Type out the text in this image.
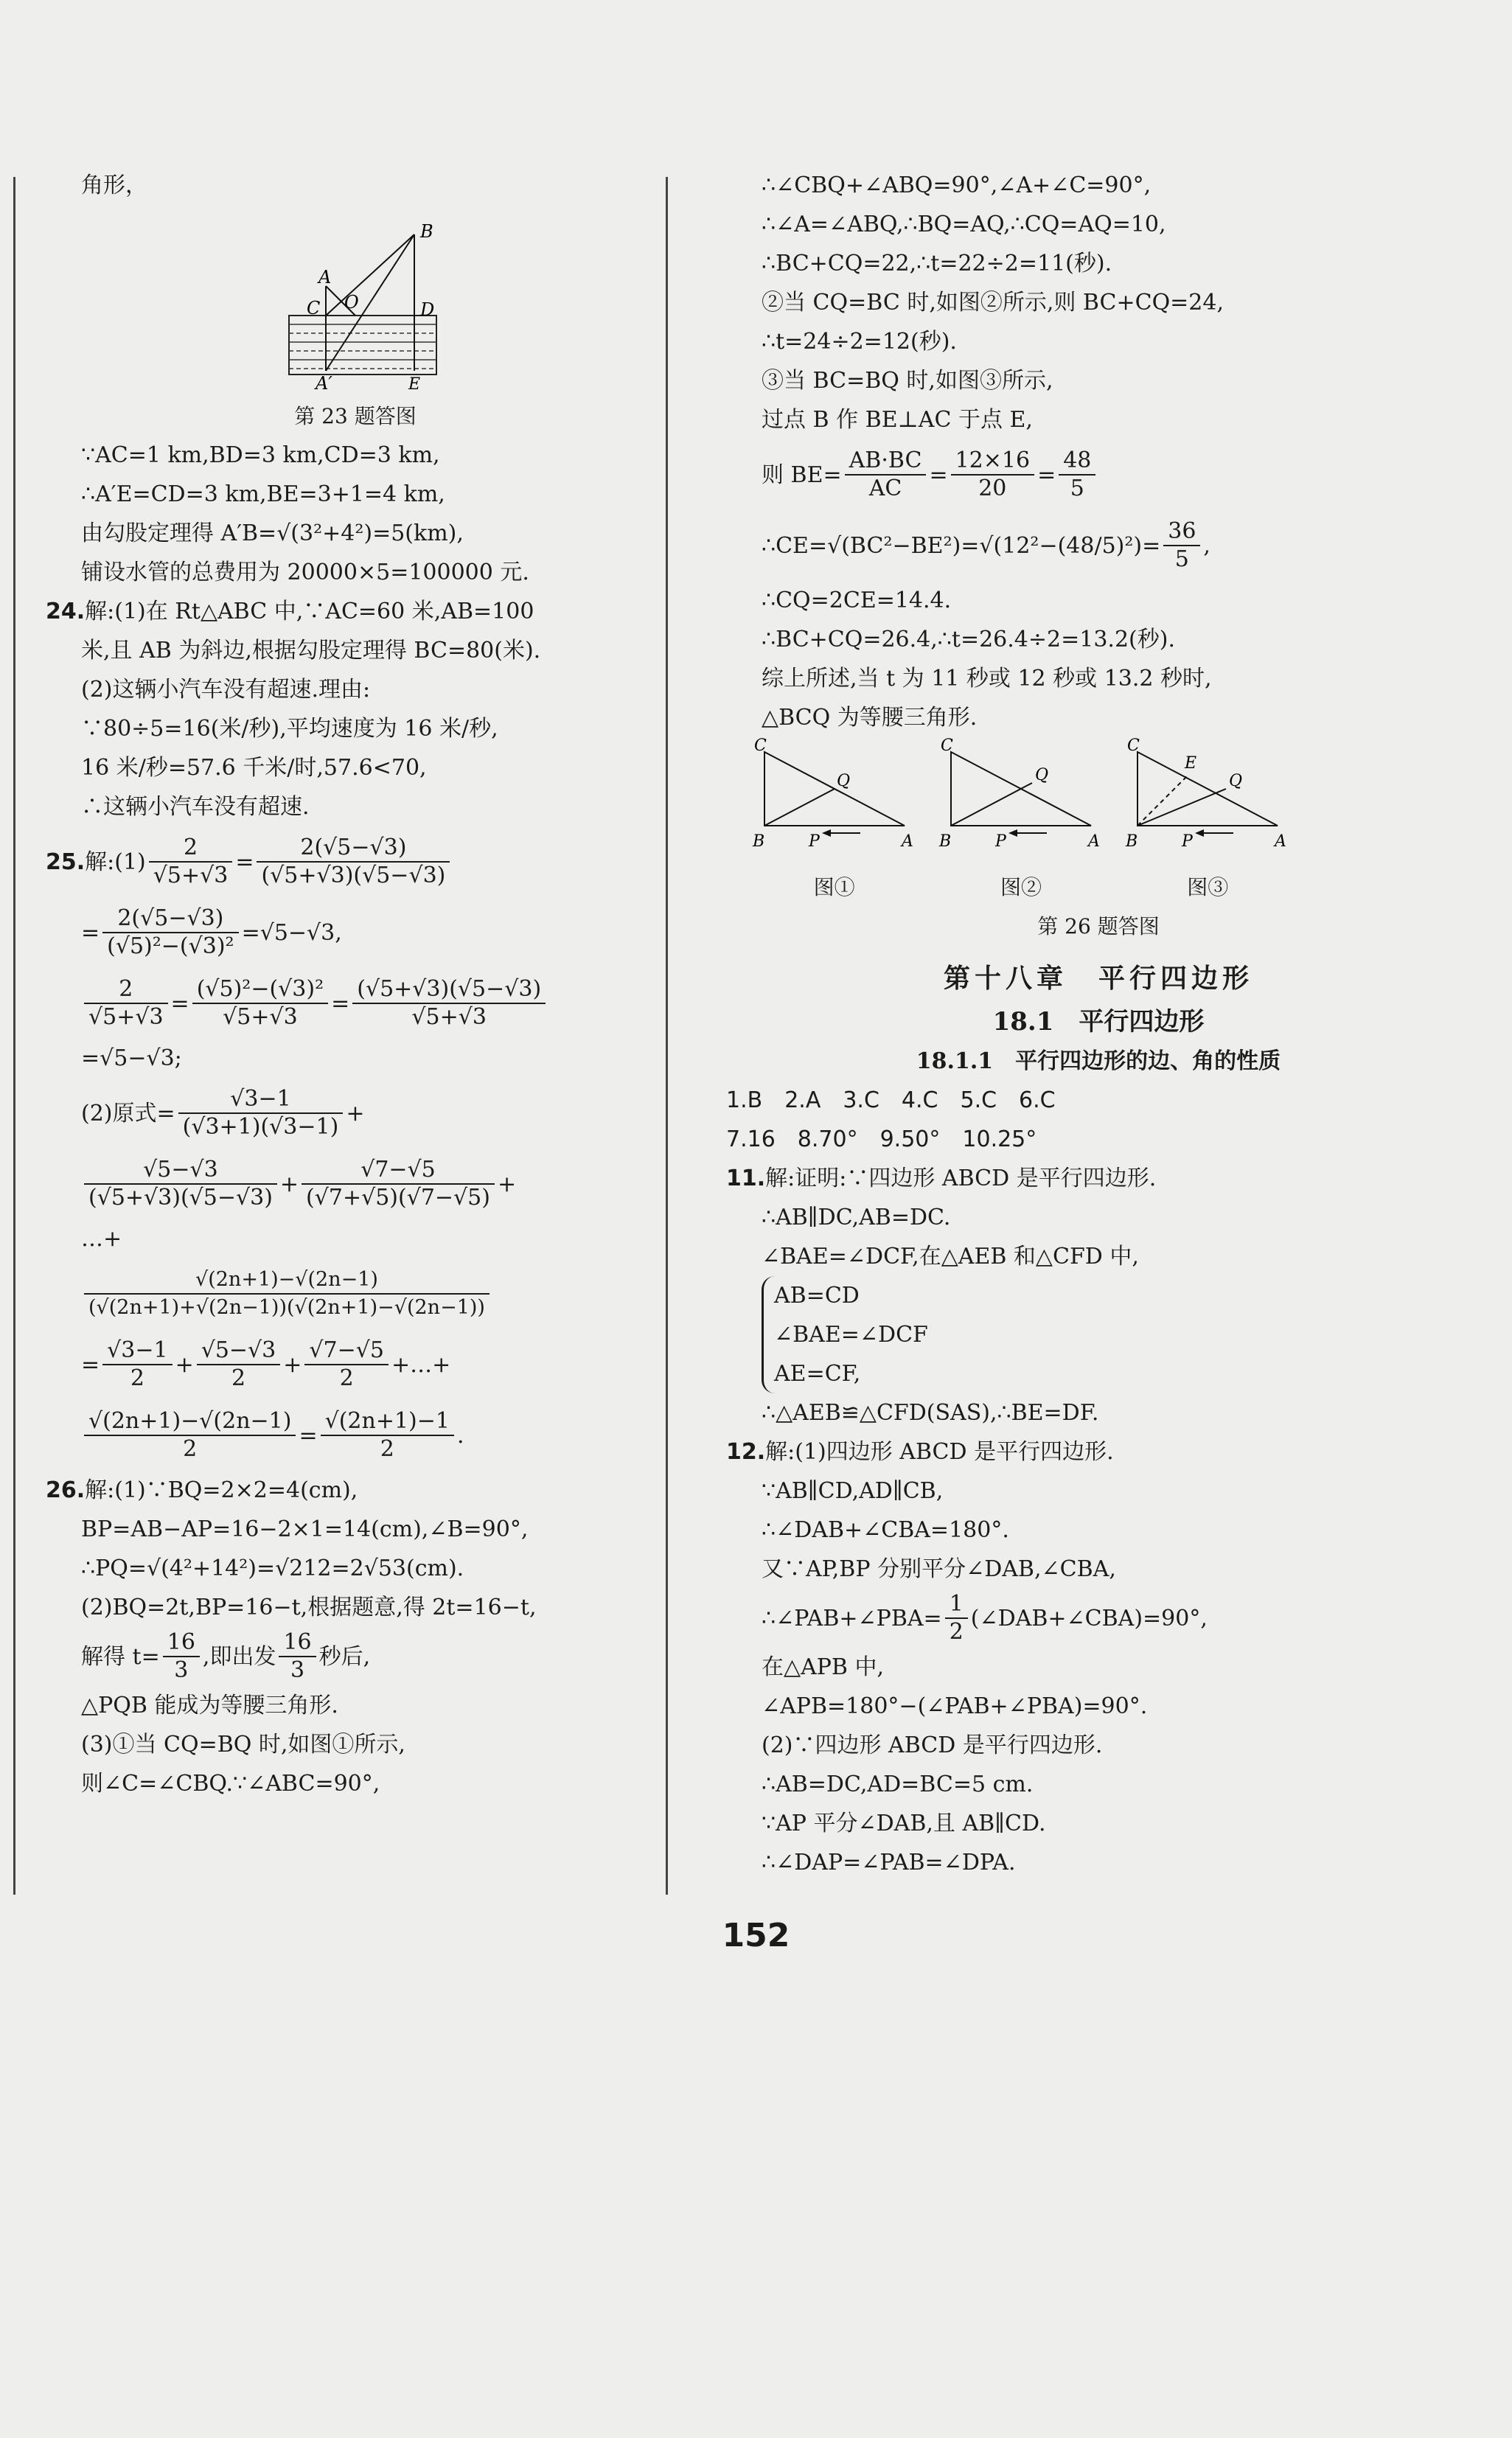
角形，
A
B
C	D
O
A′	E
第 23 题答图
∵AC=1 km,BD=3 km,CD=3 km,
∴A′E=CD=3 km,BE=3+1=4 km,
由勾股定理得 A′B=√(3²+4²)=5(km),
铺设水管的总费用为 20000×5=100000 元.
24.解:(1)在 Rt△ABC 中,∵AC=60 米,AB=100
米,且 AB 为斜边,根据勾股定理得 BC=80(米).
(2)这辆小汽车没有超速.理由:
∵80÷5=16(米/秒),平均速度为 16 米/秒,
16 米/秒=57.6 千米/时,57.6<70,
∴这辆小汽车没有超速.
25. 解:(1) $\frac{2}{√5+√3} = \frac{2(√5-√3)}{(√5+√3)(√5-√3)}$
= $\frac{2(√5-√3)}{\text{(√5)²−(√3)²}} =√5-√3$,
$\frac{2}{√5+√3} = \frac{\text{(√5)²−(√3)²}}{√5+√3} = \frac{(√5+√3)(√5-√3)}{√5+√3}$
=√5−√3;
(2)原式= $\frac{√3-1}{(√3+1)(√3-1)}$ +
$\frac{√5-√3}{(√5+√3)(√5-√3)} + \frac{√7-√5}{(√7+√5)(√7-√5)}$ +
…+
$\frac{√(2n+1)-√(2n-1)}{(√(2n+1)+√(2n-1))(√(2n+1)-√(2n-1))}$
= $\frac{√3-1}{2} + \frac{√5-√3}{2} + \frac{√7-√5}{2}$ +…+
$\frac{√(2n+1)-√(2n-1)}{2} = \frac{√(2n+1)-1}{2}$ .
26.解:(1)∵BQ=2×2=4(cm),
BP=AB−AP=16−2×1=14(cm),∠B=90°,
∴PQ=√(4²+14²)=√212=2√53(cm).
(2)BQ=2t,BP=16−t,根据题意,得 2t=16−t,
解得 $t= \frac{16}{3}$ ,即出发 $\frac{16}{3}$ 秒后,
△PQB 能成为等腰三角形.
(3)①当 CQ=BQ 时,如图①所示,
则∠C=∠CBQ.∵∠ABC=90°,
∴∠CBQ+∠ABQ=90°,∠A+∠C=90°,
∴∠A=∠ABQ,∴BQ=AQ,∴CQ=AQ=10,
∴BC+CQ=22,∴t=22÷2=11(秒).
②当 CQ=BC 时,如图②所示,则 BC+CQ=24,
∴t=24÷2=12(秒).
③当 BC=BQ 时,如图③所示,
过点 B 作 BE⊥AC 于点 E,
则 $BE= \frac{AB\cdot BC}{AC} = \frac{12\times 16}{20} = \frac{48}{5}$
∴CE=√(BC²−BE²)=√(12²−(48/5)²)= $\frac{36}{5}$ ,
∴CQ=2CE=14.4.
∴BC+CQ=26.4,∴t=26.4÷2=13.2(秒).
综上所述,当 t 为 11 秒或 12 秒或 13.2 秒时,
△BCQ 为等腰三角形.
C
Q
B	P	A
图①
C
Q
B	P	A
图②
C
E
Q
B	P	A
图③
第 26 题答图
第十八章　平行四边形
18.1　平行四边形
18.1.1　平行四边形的边、角的性质
1.B　2.A　3.C　4.C　5.C　6.C
7.16　8.70°　9.50°　10.25°
11.解:证明:∵四边形 ABCD 是平行四边形.
∴AB∥DC,AB=DC.
∠BAE=∠DCF,在△AEB 和△CFD 中,
AB=CD
∠BAE=∠DCF
AE=CF,
∴△AEB≌△CFD(SAS),∴BE=DF.
12.解:(1)四边形 ABCD 是平行四边形.
∵AB∥CD,AD∥CB,
∴∠DAB+∠CBA=180°.
又∵AP,BP 分别平分∠DAB,∠CBA,
∴∠PAB+∠PBA= $\frac{1}{2}$ (∠DAB+∠CBA)=90°,
在△APB 中,
∠APB=180°−(∠PAB+∠PBA)=90°.
(2)∵四边形 ABCD 是平行四边形.
∴AB=DC,AD=BC=5 cm.
∵AP 平分∠DAB,且 AB∥CD.
∴∠DAP=∠PAB=∠DPA.
152
